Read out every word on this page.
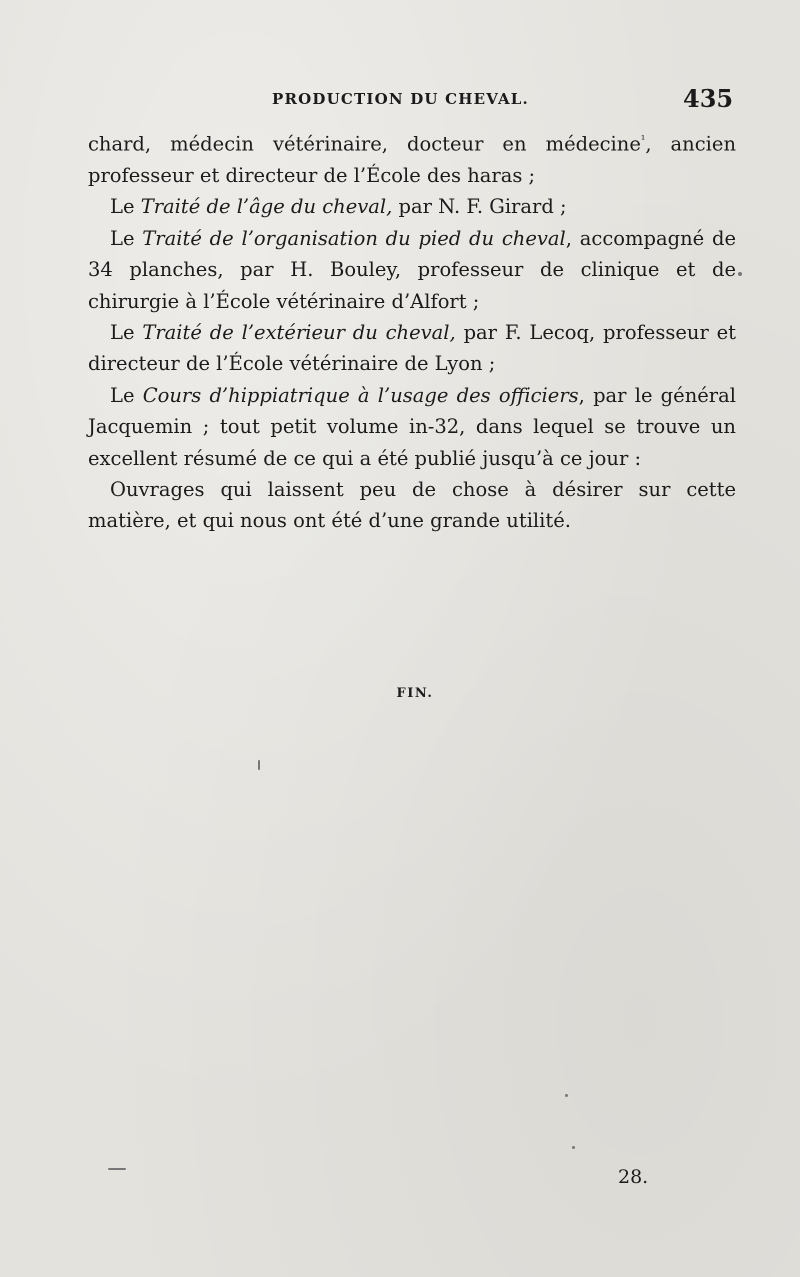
PRODUCTION DU CHEVAL.	435

chard, médecin vétérinaire, docteur en médecine$^{^1}$, ancien professeur et directeur de l’École des haras ;

Le Traité de l’âge du cheval, par N. F. Girard ;

Le Traité de l’organisation du pied du cheval, accompagné de 34 planches, par H. Bouley, professeur de clinique et de chirurgie à l’École vétérinaire d’Alfort ;

Le Traité de l’extérieur du cheval, par F. Lecoq, professeur et directeur de l’École vétérinaire de Lyon ;

Le Cours d’hippiatrique à l’usage des officiers, par le général Jacquemin ; tout petit volume in-32, dans lequel se trouve un excellent résumé de ce qui a été publié jusqu’à ce jour :

Ouvrages qui laissent peu de chose à désirer sur cette matière, et qui nous ont été d’une grande utilité.

FIN.
28.
